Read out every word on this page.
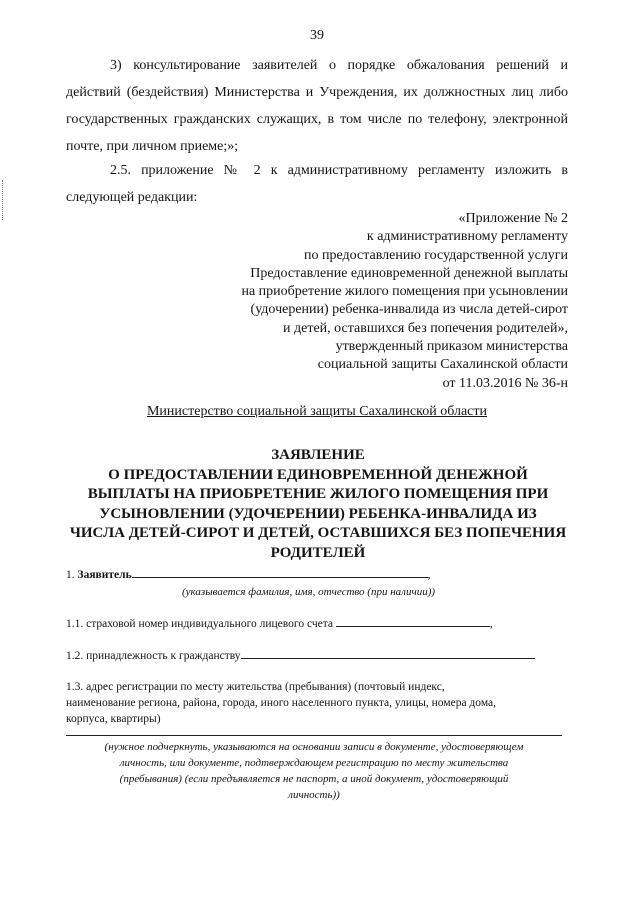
39
3) консультирование заявителей о порядке обжалования решений и действий (бездействия) Министерства и Учреждения, их должностных лиц либо государственных гражданских служащих, в том числе по телефону, электронной почте, при личном приеме;»;
2.5. приложение № 2 к административному регламенту изложить в следующей редакции:
«Приложение № 2
к административному регламенту
по предоставлению государственной услуги
Предоставление единовременной денежной выплаты
на приобретение жилого помещения при усыновлении
(удочерении) ребенка-инвалида из числа детей-сирот
и детей, оставшихся без попечения родителей»,
утвержденный приказом министерства
социальной защиты Сахалинской области
от 11.03.2016 № 36-н
Министерство социальной защиты Сахалинской области
ЗАЯВЛЕНИЕ
О ПРЕДОСТАВЛЕНИИ ЕДИНОВРЕМЕННОЙ ДЕНЕЖНОЙ
ВЫПЛАТЫ НА ПРИОБРЕТЕНИЕ ЖИЛОГО ПОМЕЩЕНИЯ ПРИ
УСЫНОВЛЕНИИ (УДОЧЕРЕНИИ) РЕБЕНКА-ИНВАЛИДА ИЗ
ЧИСЛА ДЕТЕЙ-СИРОТ И ДЕТЕЙ, ОСТАВШИХСЯ БЕЗ ПОПЕЧЕНИЯ
РОДИТЕЛЕЙ
1. Заявитель	,
(указывается фамилия, имя, отчество (при наличии))
1.1. страховой номер индивидуального лицевого счета	,
1.2. принадлежность к гражданству
1.3. адрес регистрации по месту жительства (пребывания) (почтовый индекс,
наименование региона, района, города, иного населенного пункта, улицы, номера дома,
корпуса, квартиры)
(нужное подчеркнуть, указываются на основании записи в документе, удостоверяющем
личность, или документе, подтверждающем регистрацию по месту жительства
(пребывания) (если предъявляется не паспорт, а иной документ, удостоверяющий
личность))
